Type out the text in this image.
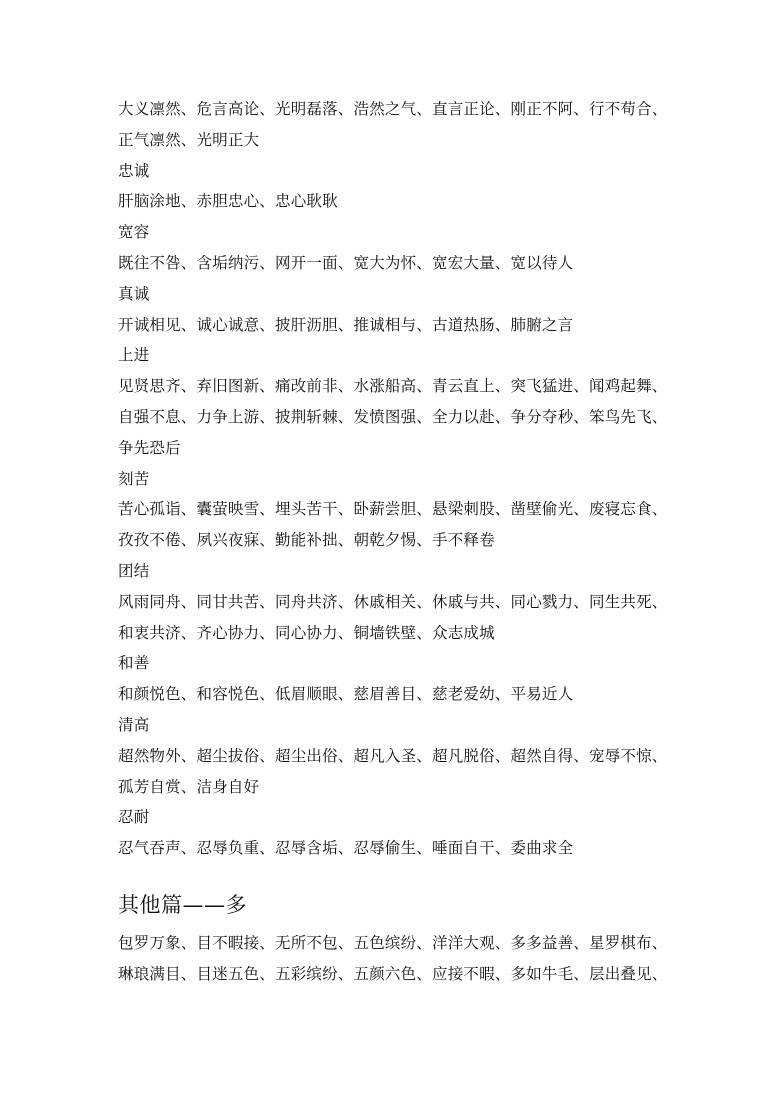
大义凛然、危言高论、光明磊落、浩然之气、直言正论、刚正不阿、行不苟合、
正气凛然、光明正大
忠诚
肝脑涂地、赤胆忠心、忠心耿耿
宽容
既往不咎、含垢纳污、网开一面、宽大为怀、宽宏大量、宽以待人
真诚
开诚相见、诚心诚意、披肝沥胆、推诚相与、古道热肠、肺腑之言
上进
见贤思齐、弃旧图新、痛改前非、水涨船高、青云直上、突飞猛进、闻鸡起舞、
自强不息、力争上游、披荆斩棘、发愤图强、全力以赴、争分夺秒、笨鸟先飞、
争先恐后
刻苦
苦心孤诣、囊萤映雪、埋头苦干、卧薪尝胆、悬梁刺股、凿壁偷光、废寝忘食、
孜孜不倦、夙兴夜寐、勤能补拙、朝乾夕惕、手不释卷
团结
风雨同舟、同甘共苦、同舟共济、休戚相关、休戚与共、同心戮力、同生共死、
和衷共济、齐心协力、同心协力、铜墙铁壁、众志成城
和善
和颜悦色、和容悦色、低眉顺眼、慈眉善目、慈老爱幼、平易近人
清高
超然物外、超尘拔俗、超尘出俗、超凡入圣、超凡脱俗、超然自得、宠辱不惊、
孤芳自赏、洁身自好
忍耐
忍气吞声、忍辱负重、忍辱含垢、忍辱偷生、唾面自干、委曲求全
其他篇——多
包罗万象、目不暇接、无所不包、五色缤纷、洋洋大观、多多益善、星罗棋布、
琳琅满目、目迷五色、五彩缤纷、五颜六色、应接不暇、多如牛毛、层出叠见、
